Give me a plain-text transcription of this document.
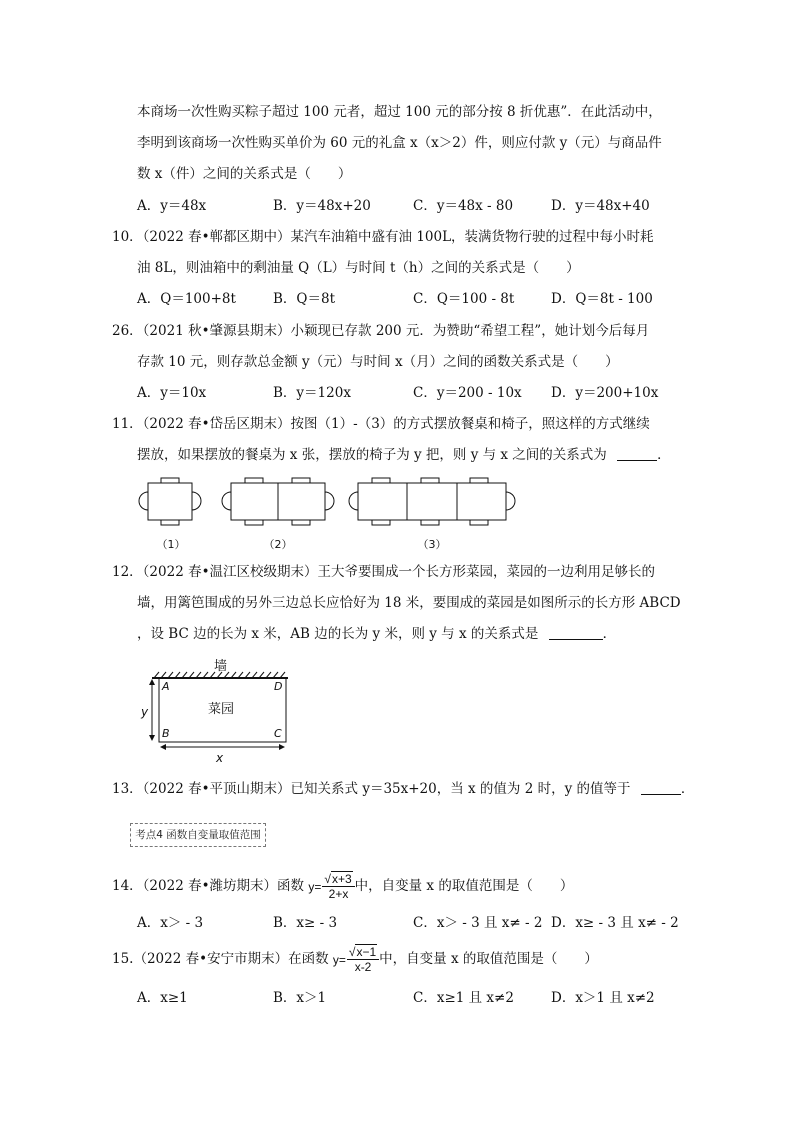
本商场一次性购买粽子超过 100 元者，超过 100 元的部分按 8 折优惠”．在此活动中，
李明到该商场一次性购买单价为 60 元的礼盒 x（x＞2）件，则应付款 y（元）与商品件
数 x（件）之间的关系式是（　　）
A．y＝48x	B．y＝48x+20	C．y＝48x - 80	D．y＝48x+40
10．（2022 春•郸都区期中）某汽车油箱中盛有油 100L，装满货物行驶的过程中每小时耗
油 8L，则油箱中的剩油量 Q（L）与时间 t（h）之间的关系式是（　　）
A．Q＝100+8t	B．Q＝8t	C．Q＝100 - 8t	D．Q＝8t - 100
26．（2021 秋•肇源县期末）小颖现已存款 200 元．为赞助“希望工程”，她计划今后每月
存款 10 元，则存款总金额 y（元）与时间 x（月）之间的函数关系式是（　　）
A．y＝10x	B．y＝120x	C．y＝200 - 10x D．y＝200+10x
11．（2022 春•岱岳区期末）按图（1）-（3）的方式摆放餐桌和椅子，照这样的方式继续
摆放，如果摆放的餐桌为 x 张，摆放的椅子为 y 把，则 y 与 x 之间的关系式为	．
（1）	（2）	（3）
12．（2022 春•温江区校级期末）王大爷要围成一个长方形菜园，菜园的一边利用足够长的
墙，用篱笆围成的另外三边总长应恰好为 18 米，要围成的菜园是如图所示的长方形 ABCD
，设 BC 边的长为 x 米，AB 边的长为 y 米，则 y 与 x 的关系式是	．
墙
A	D
B	C
菜园
y
x
13．（2022 春•平顶山期末）已知关系式 y＝35x+20，当 x 的值为 2 时，y 的值等于	．
考点4 函数自变量取值范围
14．（2022 春•潍坊期末）函数 $y= \frac{√x+3}{2+x}$ 中，自变量 x 的取值范围是（　　）
A．x＞ - 3	B．x≥ - 3	C．x＞ - 3 且 x≠ - 2 D．x≥ - 3 且 x≠ - 2
15.（2022 春•安宁市期末）在函数 $y= \frac{√x-1}{x-2}$ 中，自变量 x 的取值范围是（　　）
A．x≥1	B．x＞1	C．x≥1 且 x≠2	D．x＞1 且 x≠2
